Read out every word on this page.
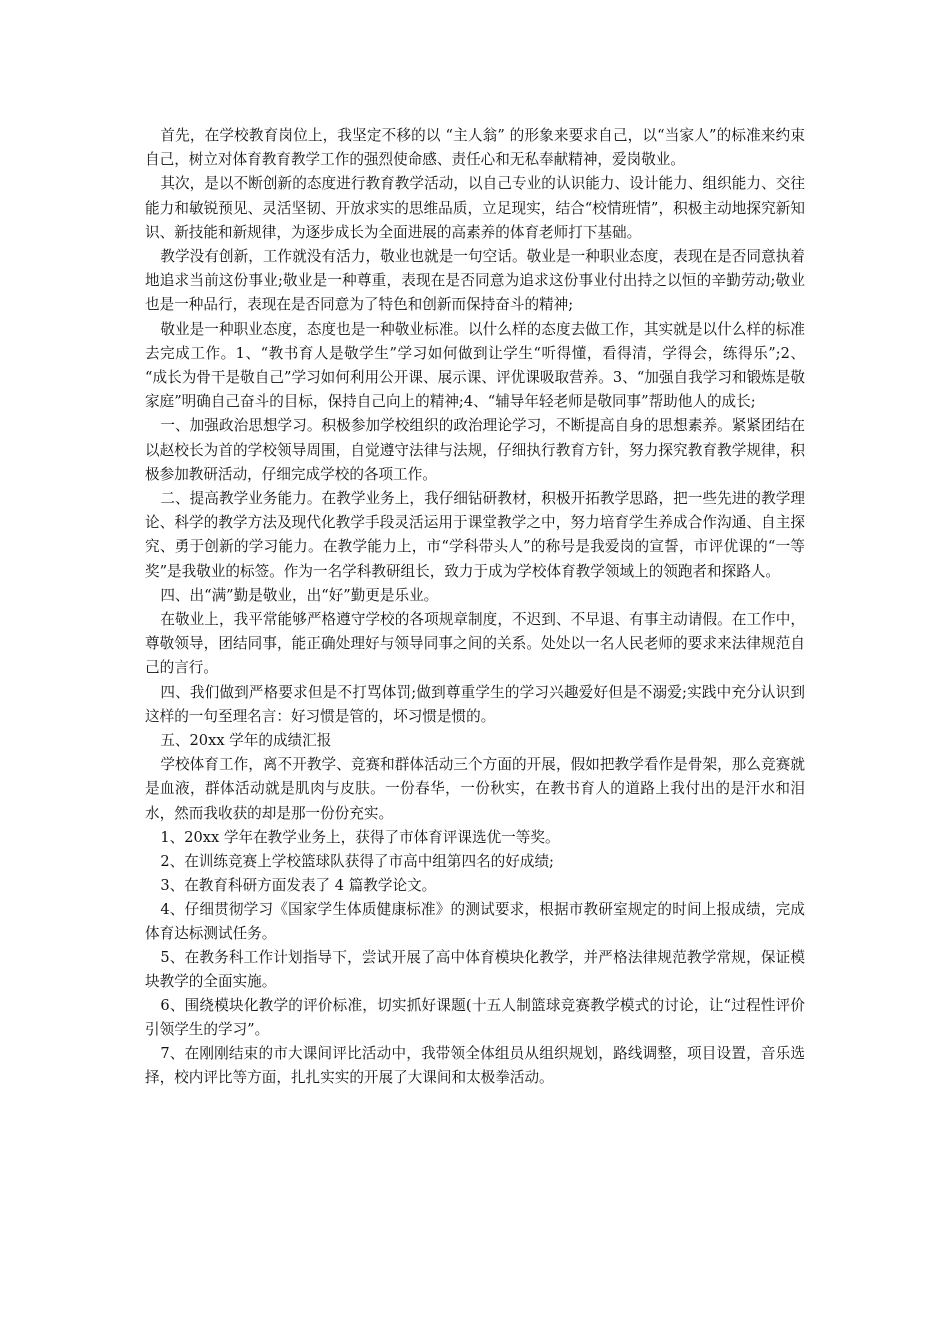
首先，在学校教育岗位上，我坚定不移的以 “主人翁” 的形象来要求自己，以“当家人”的标准来约束自己，树立对体育教育教学工作的强烈使命感、责任心和无私奉献精神，爱岗敬业。

其次，是以不断创新的态度进行教育教学活动，以自己专业的认识能力、设计能力、组织能力、交往能力和敏锐预见、灵活坚韧、开放求实的思维品质，立足现实，结合“校情班情”，积极主动地探究新知识、新技能和新规律，为逐步成长为全面进展的高素养的体育老师打下基础。

教学没有创新，工作就没有活力，敬业也就是一句空话。敬业是一种职业态度，表现在是否同意执着地追求当前这份事业;敬业是一种尊重，表现在是否同意为追求这份事业付出持之以恒的辛勤劳动;敬业也是一种品行，表现在是否同意为了特色和创新而保持奋斗的精神;

敬业是一种职业态度，态度也是一种敬业标准。以什么样的态度去做工作，其实就是以什么样的标准去完成工作。1、“教书育人是敬学生”学习如何做到让学生“听得懂，看得清，学得会，练得乐”;2、 “成长为骨干是敬自己”学习如何利用公开课、展示课、评优课吸取营养。3、“加强自我学习和锻炼是敬家庭”明确自己奋斗的目标，保持自己向上的精神;4、“辅导年轻老师是敬同事”帮助他人的成长;

一、加强政治思想学习。积极参加学校组织的政治理论学习，不断提高自身的思想素养。紧紧团结在以赵校长为首的学校领导周围，自觉遵守法律与法规，仔细执行教育方针，努力探究教育教学规律，积极参加教研活动，仔细完成学校的各项工作。

二、提高教学业务能力。在教学业务上，我仔细钻研教材，积极开拓教学思路，把一些先进的教学理论、科学的教学方法及现代化教学手段灵活运用于课堂教学之中，努力培育学生养成合作沟通、自主探究、勇于创新的学习能力。在教学能力上，市“学科带头人”的称号是我爱岗的宣誓，市评优课的“一等奖”是我敬业的标签。作为一名学科教研组长，致力于成为学校体育教学领域上的领跑者和探路人。

四、出“满”勤是敬业，出“好”勤更是乐业。

在敬业上，我平常能够严格遵守学校的各项规章制度，不迟到、不早退、有事主动请假。在工作中，尊敬领导，团结同事，能正确处理好与领导同事之间的关系。处处以一名人民老师的要求来法律规范自己的言行。

四、我们做到严格要求但是不打骂体罚;做到尊重学生的学习兴趣爱好但是不溺爱;实践中充分认识到这样的一句至理名言：好习惯是管的，坏习惯是惯的。

五、20xx 学年的成绩汇报

学校体育工作，离不开教学、竞赛和群体活动三个方面的开展，假如把教学看作是骨架，那么竞赛就是血液，群体活动就是肌肉与皮肤。一份春华，一份秋实，在教书育人的道路上我付出的是汗水和泪水，然而我收获的却是那一份份充实。

1、20xx 学年在教学业务上，获得了市体育评课选优一等奖。

2、在训练竞赛上学校篮球队获得了市高中组第四名的好成绩;

3、在教育科研方面发表了 4 篇教学论文。

4、仔细贯彻学习《国家学生体质健康标准》的测试要求，根据市教研室规定的时间上报成绩，完成体育达标测试任务。

5、在教务科工作计划指导下，尝试开展了高中体育模块化教学，并严格法律规范教学常规，保证模块教学的全面实施。

6、围绕模块化教学的评价标准，切实抓好课题(十五人制篮球竞赛教学模式的讨论，让“过程性评价引领学生的学习”。

7、在刚刚结束的市大课间评比活动中，我带领全体组员从组织规划，路线调整，项目设置，音乐选择，校内评比等方面，扎扎实实的开展了大课间和太极拳活动。
